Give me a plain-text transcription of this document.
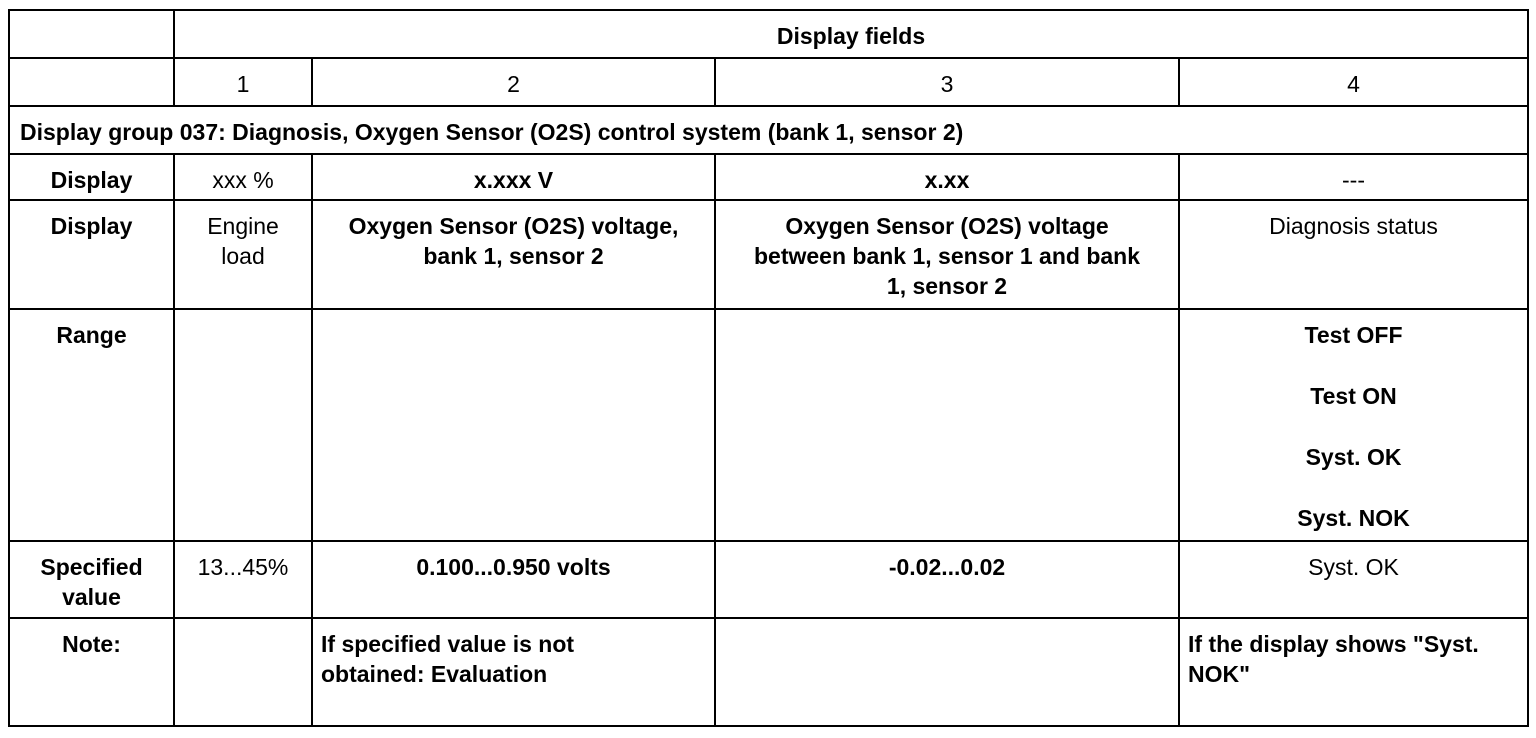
	Display fields			
	1	2	3	4
Display group 037: Diagnosis, Oxygen Sensor (O2S) control system (bank 1, sensor 2)				
Display	xxx %	x.xxx V	x.xx	---
Display	Engine load	Oxygen Sensor (O2S) voltage, bank 1, sensor 2	Oxygen Sensor (O2S) voltage between bank 1, sensor 1 and bank 1, sensor 2	Diagnosis status
Range				Test OFF
Test ON
Syst. OK
Syst. NOK

Specified value	13...45%	0.100...0.950 volts	-0.02...0.02	Syst. OK
Note:		If specified value is not obtained: Evaluation		If the display shows "Syst. NOK"
